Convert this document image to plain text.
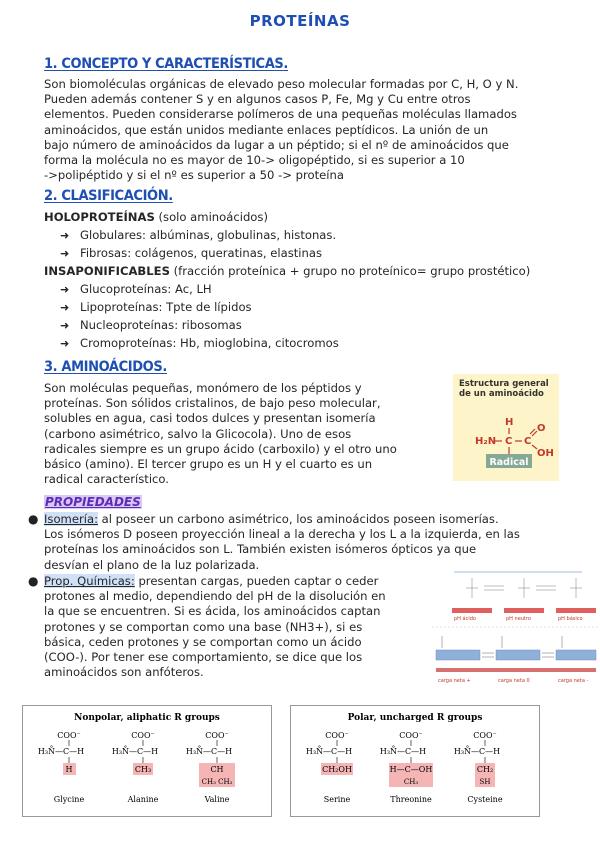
PROTEÍNAS
1. CONCEPTO Y CARACTERÍSTICAS.
Son biomoléculas orgánicas de elevado peso molecular formadas por C, H, O y N.
Pueden además contener S y en algunos casos P, Fe, Mg y Cu entre otros
elementos. Pueden considerarse polímeros de una pequeñas moléculas llamados
aminoácidos, que están unidos mediante enlaces peptídicos. La unión de un
bajo número de aminoácidos da lugar a un péptido; si el nº de aminoácidos que
forma la molécula no es mayor de 10-> oligopéptido, si es superior a 10
->polipéptido y si el nº es superior a 50 -> proteína
2. CLASIFICACIÓN.
HOLOPROTEÍNAS (solo aminoácidos)
➜ Globulares: albúminas, globulinas, histonas.
➜ Fibrosas: colágenos, queratinas, elastinas
INSAPONIFICABLES (fracción proteínica + grupo no proteínico= grupo prostético)
➜ Glucoproteínas: Ac, LH
➜ Lipoproteínas: Tpte de lípidos
➜ Nucleoproteínas: ribosomas
➜ Cromoproteínas: Hb, mioglobina, citocromos
3. AMINOÁCIDOS.
Son moléculas pequeñas, monómero de los péptidos y
proteínas. Son sólidos cristalinos, de bajo peso molecular,
solubles en agua, casi todos dulces y presentan isomería
(carbono asimétrico, salvo la Glicocola). Uno de esos
radicales siempre es un grupo ácido (carboxilo) y el otro uno
básico (amino). El tercer grupo es un H y el cuarto es un
radical característico.
Estructura general
de un aminoácido
H
H₂N C C
O
OH
Radical
PROPIEDADES
● Isomería: al poseer un carbono asimétrico, los aminoácidos poseen isomerías.
Los isómeros D poseen proyección lineal a la derecha y los L a la izquierda, en las
proteínas los aminoácidos son L. También existen isómeros ópticos ya que
desvían el plano de la luz polarizada.
● Prop. Químicas: presentan cargas, pueden captar o ceder
protones al medio, dependiendo del pH de la disolución en
la que se encuentren. Si es ácida, los aminoácidos captan
protones y se comportan como una base (NH3+), si es
básica, ceden protones y se comportan como un ácido
(COO-). Por tener ese comportamiento, se dice que los
aminoácidos son anfóteros.
pH ácido	pH neutro	pH básico
carga neta +	carga neta 0	carga neta -
Nonpolar, aliphatic R groups
COO⁻
H₃N̊—C—H
H
Glycine
COO⁻
H₃N̊—C—H
CH₃
Alanine
COO⁻
H₃N̊—C—H
CH
CH₃ CH₃
Valine
Polar, uncharged R groups
COO⁻
H₃N̊—C—H
CH₂OH
Serine
COO⁻
H₃N̊—C—H
H—C—OH
CH₃
Threonine
COO⁻
H₃N̊—C—H
CH₂
SH
Cysteine
